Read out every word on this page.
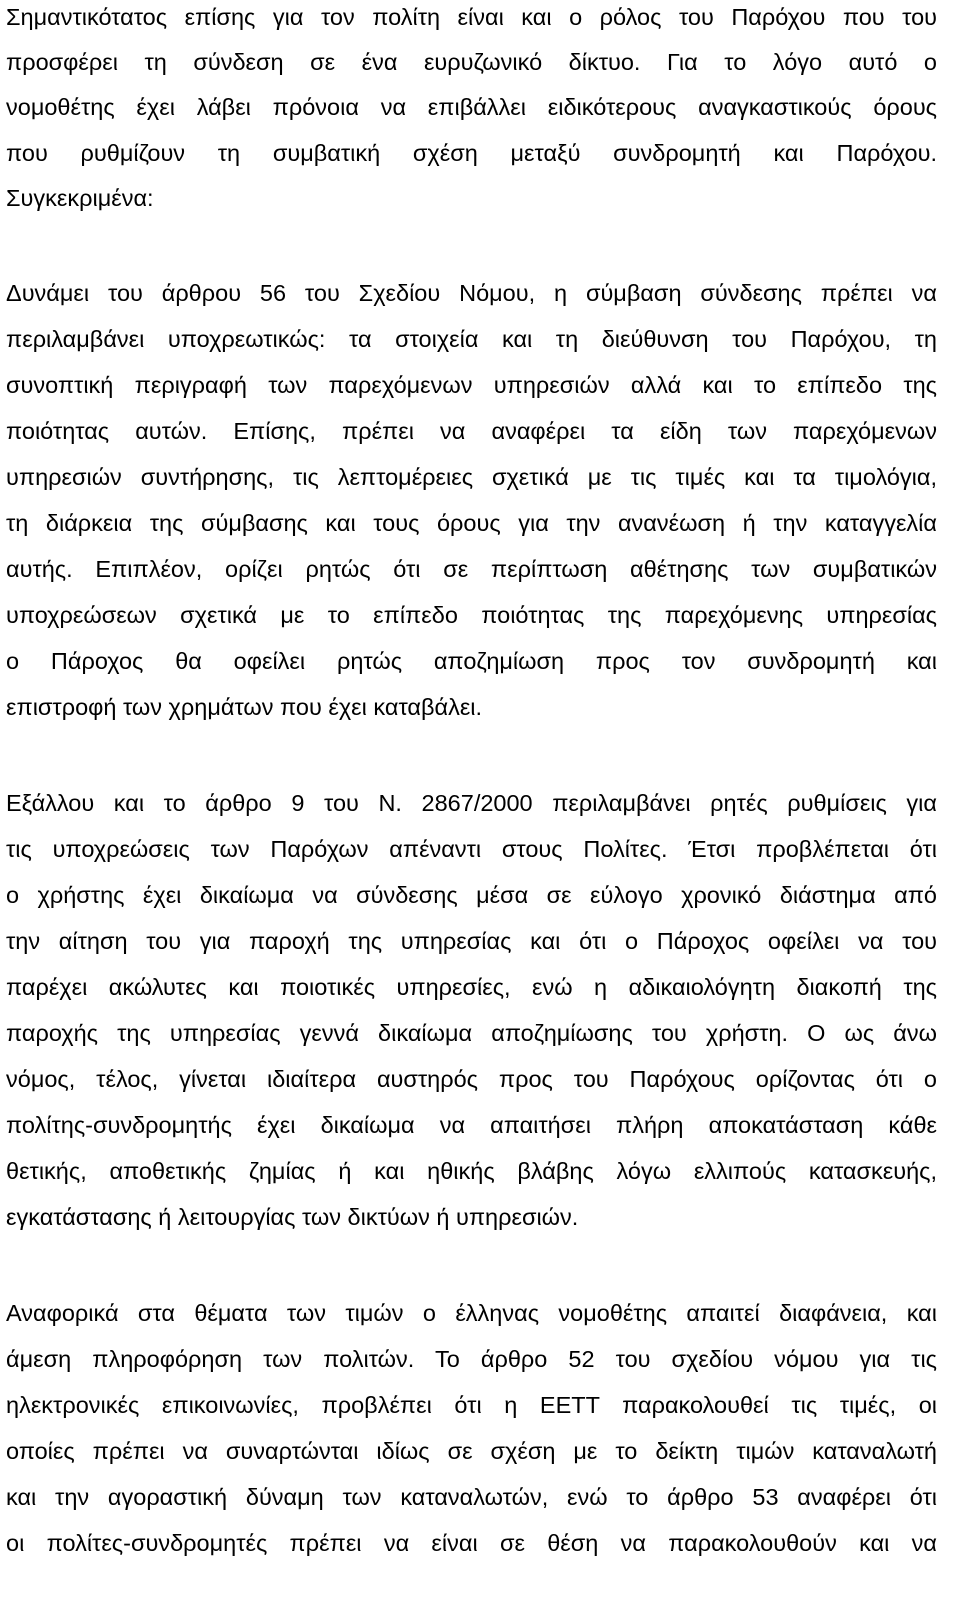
Σημαντικότατος επίσης για τον πολίτη είναι και ο ρόλος του Παρόχου που του
προσφέρει τη σύνδεση σε ένα ευρυζωνικό δίκτυο. Για το λόγο αυτό ο
νομοθέτης έχει λάβει πρόνοια να επιβάλλει ειδικότερους αναγκαστικούς όρους
που ρυθμίζουν τη συμβατική σχέση μεταξύ συνδρομητή και Παρόχου.
Συγκεκριμένα:
Δυνάμει του άρθρου 56 του Σχεδίου Νόμου, η σύμβαση σύνδεσης πρέπει να
περιλαμβάνει υποχρεωτικώς: τα στοιχεία και τη διεύθυνση του Παρόχου, τη
συνοπτική περιγραφή των παρεχόμενων υπηρεσιών αλλά και το επίπεδο της
ποιότητας αυτών. Επίσης, πρέπει να αναφέρει τα είδη των παρεχόμενων
υπηρεσιών συντήρησης, τις λεπτομέρειες σχετικά με τις τιμές και τα τιμολόγια,
τη διάρκεια της σύμβασης και τους όρους για την ανανέωση ή την καταγγελία
αυτής. Επιπλέον, ορίζει ρητώς ότι σε περίπτωση αθέτησης των συμβατικών
υποχρεώσεων σχετικά με το επίπεδο ποιότητας της παρεχόμενης υπηρεσίας
ο Πάροχος θα οφείλει ρητώς αποζημίωση προς τον συνδρομητή και
επιστροφή των χρημάτων που έχει καταβάλει.
Εξάλλου και το άρθρο 9 του Ν. 2867/2000 περιλαμβάνει ρητές ρυθμίσεις για
τις υποχρεώσεις των Παρόχων απέναντι στους Πολίτες. Έτσι προβλέπεται ότι
ο χρήστης έχει δικαίωμα να σύνδεσης μέσα σε εύλογο χρονικό διάστημα από
την αίτηση του για παροχή της υπηρεσίας και ότι ο Πάροχος οφείλει να του
παρέχει ακώλυτες και ποιοτικές υπηρεσίες, ενώ η αδικαιολόγητη διακοπή της
παροχής της υπηρεσίας γεννά δικαίωμα αποζημίωσης του χρήστη. Ο ως άνω
νόμος, τέλος, γίνεται ιδιαίτερα αυστηρός προς του Παρόχους ορίζοντας ότι ο
πολίτης-συνδρομητής έχει δικαίωμα να απαιτήσει πλήρη αποκατάσταση κάθε
θετικής, αποθετικής ζημίας ή και ηθικής βλάβης λόγω ελλιπούς κατασκευής,
εγκατάστασης ή λειτουργίας των δικτύων ή υπηρεσιών.
Αναφορικά στα θέματα των τιμών ο έλληνας νομοθέτης απαιτεί διαφάνεια, και
άμεση πληροφόρηση των πολιτών. Το άρθρο 52 του σχεδίου νόμου για τις
ηλεκτρονικές επικοινωνίες, προβλέπει ότι η ΕΕΤΤ παρακολουθεί τις τιμές, οι
οποίες πρέπει να συναρτώνται ιδίως σε σχέση με το δείκτη τιμών καταναλωτή
και την αγοραστική δύναμη των καταναλωτών, ενώ το άρθρο 53 αναφέρει ότι
οι πολίτες-συνδρομητές πρέπει να είναι σε θέση να παρακολουθούν και να
